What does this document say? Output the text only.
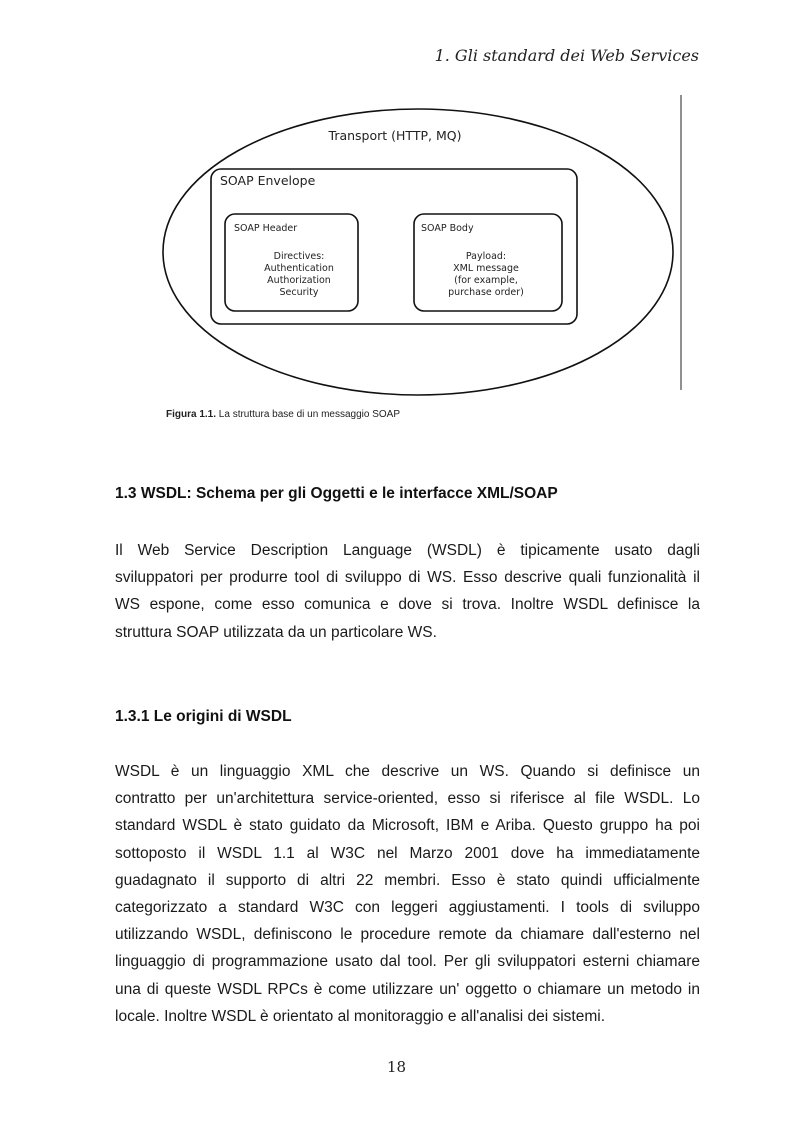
1. Gli standard dei Web Services
Transport (HTTP, MQ)
SOAP Envelope
SOAP Header
Directives:
Authentication
Authorization
Security
SOAP Body
Payload:
XML message
(for example,
purchase order)
Figura 1.1. La struttura base di un messaggio SOAP
1.3 WSDL: Schema per gli Oggetti e le interfacce XML/SOAP
Il Web Service Description Language (WSDL) è tipicamente usato dagli
sviluppatori per produrre tool di sviluppo di WS. Esso descrive quali funzionalità il
WS espone, come esso comunica e dove si trova. Inoltre WSDL definisce la
struttura SOAP utilizzata da un particolare WS.
1.3.1 Le origini di WSDL
WSDL è un linguaggio XML che descrive un WS. Quando si definisce un
contratto per un'architettura service-oriented, esso si riferisce al file WSDL. Lo
standard WSDL è stato guidato da Microsoft, IBM e Ariba. Questo gruppo ha poi
sottoposto il WSDL 1.1 al W3C nel Marzo 2001 dove ha immediatamente
guadagnato il supporto di altri 22 membri. Esso è stato quindi ufficialmente
categorizzato a standard W3C con leggeri aggiustamenti. I tools di sviluppo
utilizzando WSDL, definiscono le procedure remote da chiamare dall'esterno nel
linguaggio di programmazione usato dal tool. Per gli sviluppatori esterni chiamare
una di queste WSDL RPCs è come utilizzare un' oggetto o chiamare un metodo in
locale. Inoltre WSDL è orientato al monitoraggio e all'analisi dei sistemi.
18
